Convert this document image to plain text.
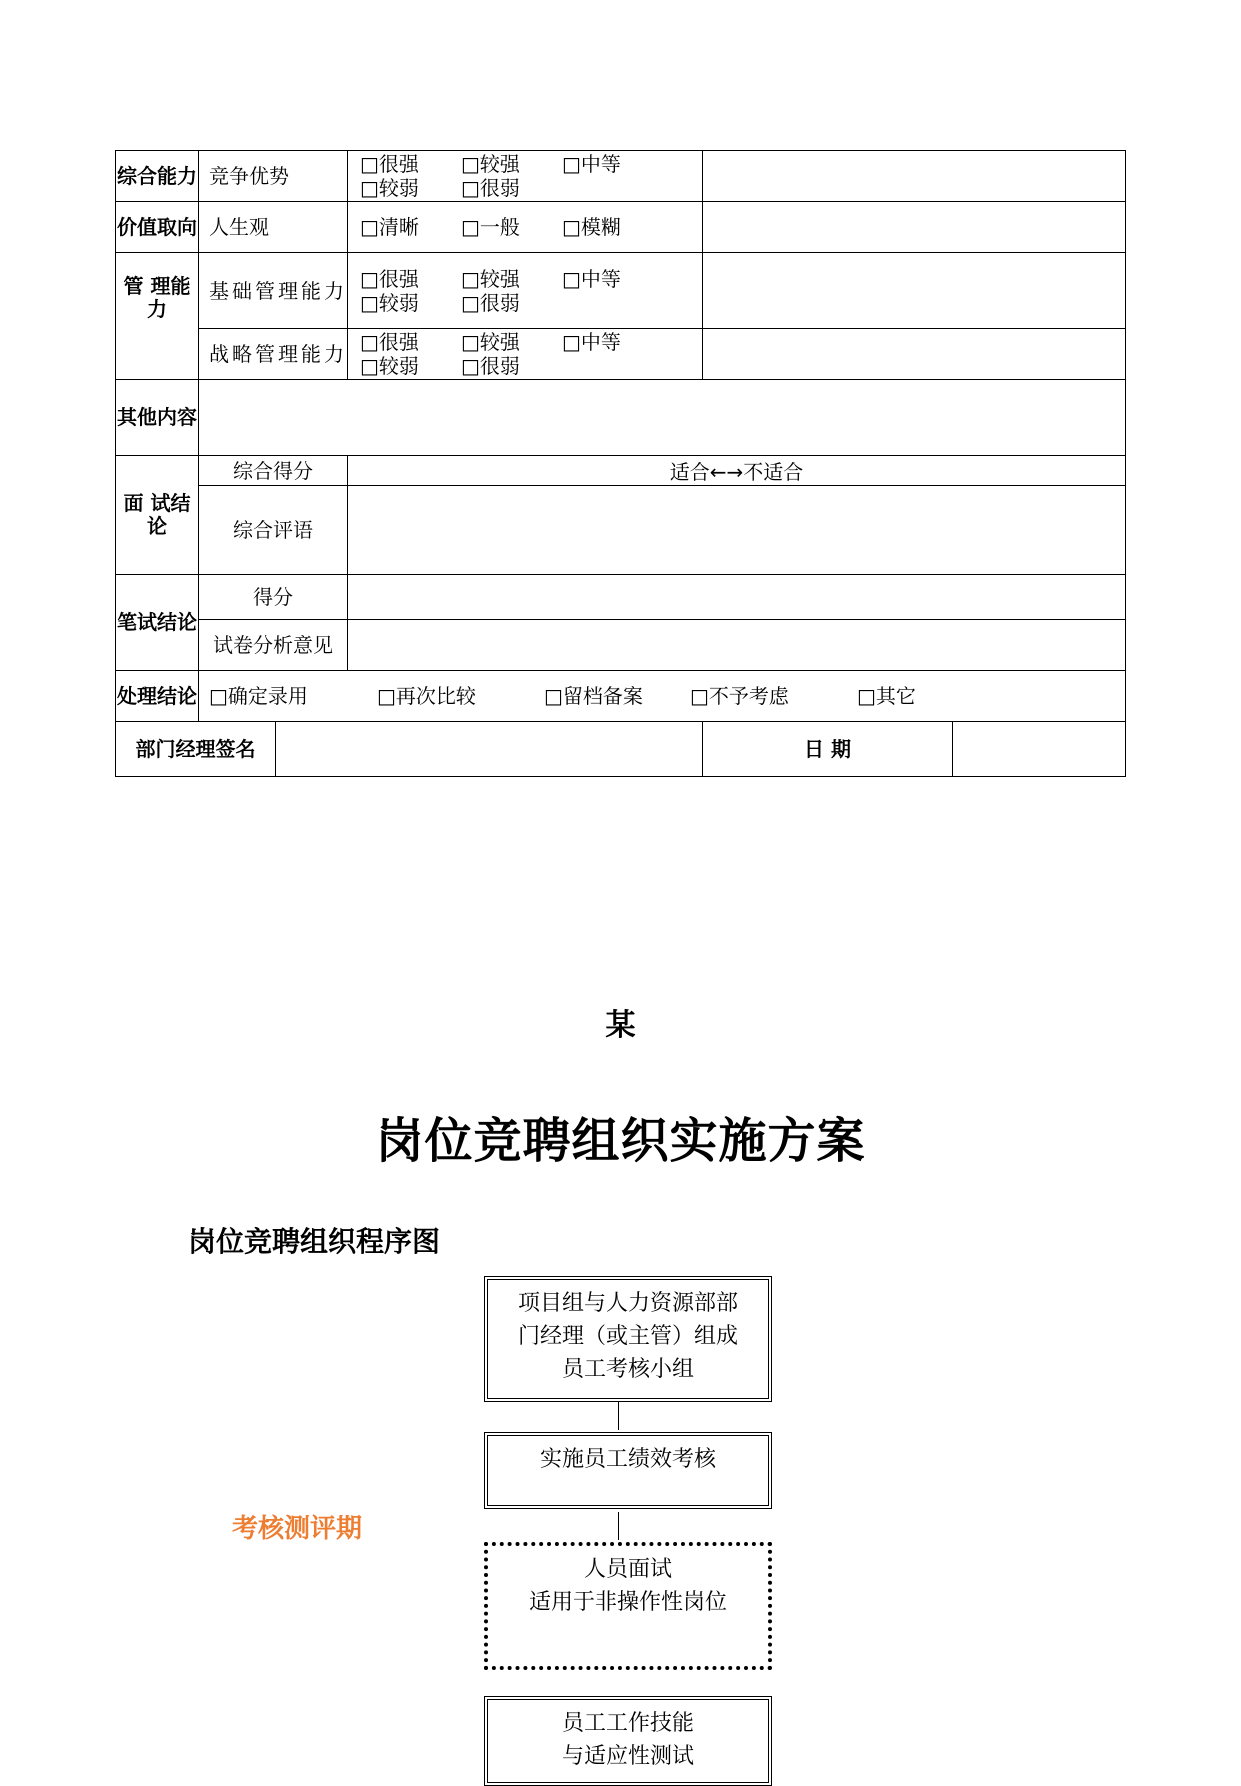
综合能力	竞争优势		□很强 □较强 □中等
□较弱 □很弱		

价值取向	人生观		□清晰 □一般 □模糊		

管 理能力	基础管理能力		□很强 □较强 □中等
□较弱 □很弱		

	战略管理能力		□很强 □较强 □中等
□较弱 □很弱		

其他内容					
面 试结论	综合得分		适合←→不适合		
	综合评语				
笔试结论	得分				
	试卷分析意见				
处理结论	□确定录用 □再次比较 □留档备案 □不予考虑 □其它				
部门经理签名				日 期	
某
岗位竞聘组织实施方案
岗位竞聘组织程序图
考核测评期
项目组与人力资源部部门经理（或主管）组成员工考核小组
实施员工绩效考核
人员面试
适用于非操作性岗位
员工工作技能
与适应性测试
